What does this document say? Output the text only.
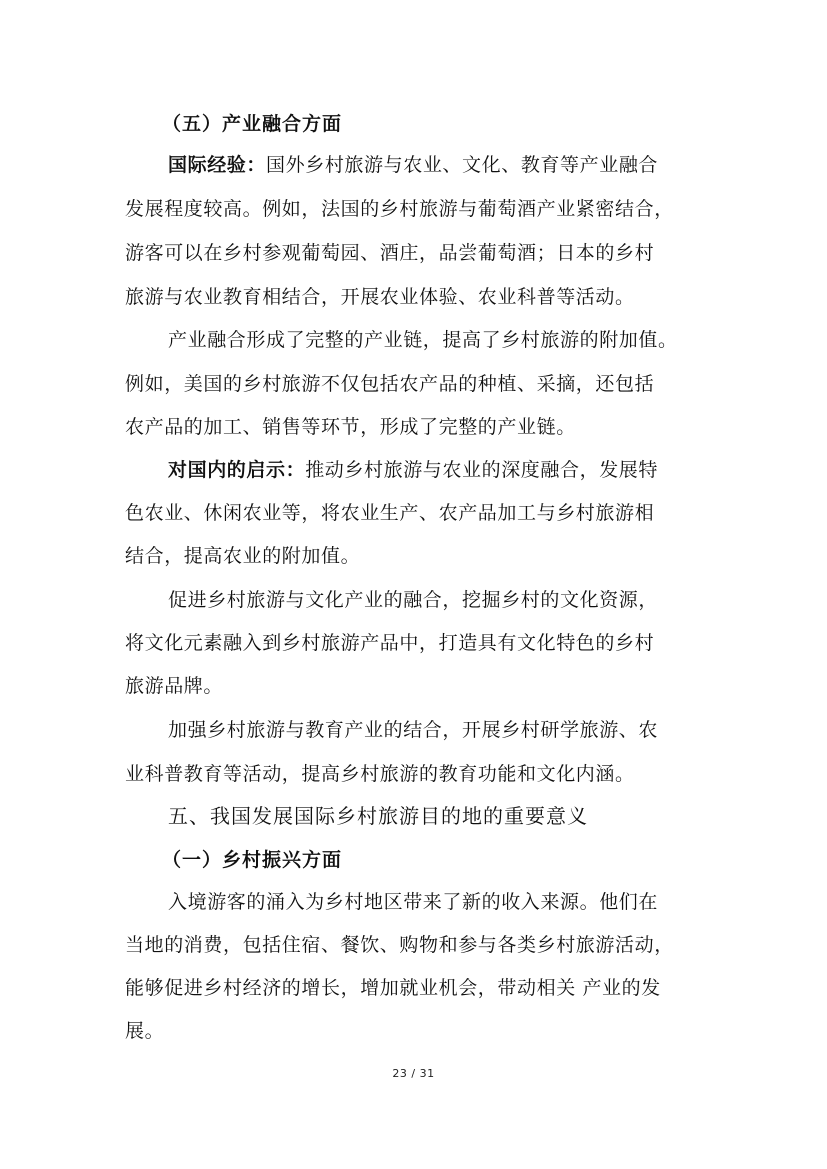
（五）产业融合方面
国际经验：国外乡村旅游与农业、文化、教育等产业融合
发展程度较高。例如，法国的乡村旅游与葡萄酒产业紧密结合，
游客可以在乡村参观葡萄园、酒庄，品尝葡萄酒；日本的乡村
旅游与农业教育相结合，开展农业体验、农业科普等活动。
产业融合形成了完整的产业链，提高了乡村旅游的附加值。
例如，美国的乡村旅游不仅包括农产品的种植、采摘，还包括
农产品的加工、销售等环节，形成了完整的产业链。
对国内的启示：推动乡村旅游与农业的深度融合，发展特
色农业、休闲农业等，将农业生产、农产品加工与乡村旅游相
结合，提高农业的附加值。
促进乡村旅游与文化产业的融合，挖掘乡村的文化资源，
将文化元素融入到乡村旅游产品中，打造具有文化特色的乡村
旅游品牌。
加强乡村旅游与教育产业的结合，开展乡村研学旅游、农
业科普教育等活动，提高乡村旅游的教育功能和文化内涵。
五、我国发展国际乡村旅游目的地的重要意义
（一）乡村振兴方面
入境游客的涌入为乡村地区带来了新的收入来源。他们在
当地的消费，包括住宿、餐饮、购物和参与各类乡村旅游活动，
能够促进乡村经济的增长，增加就业机会，带动相关 产业的发
展。
23 / 31
